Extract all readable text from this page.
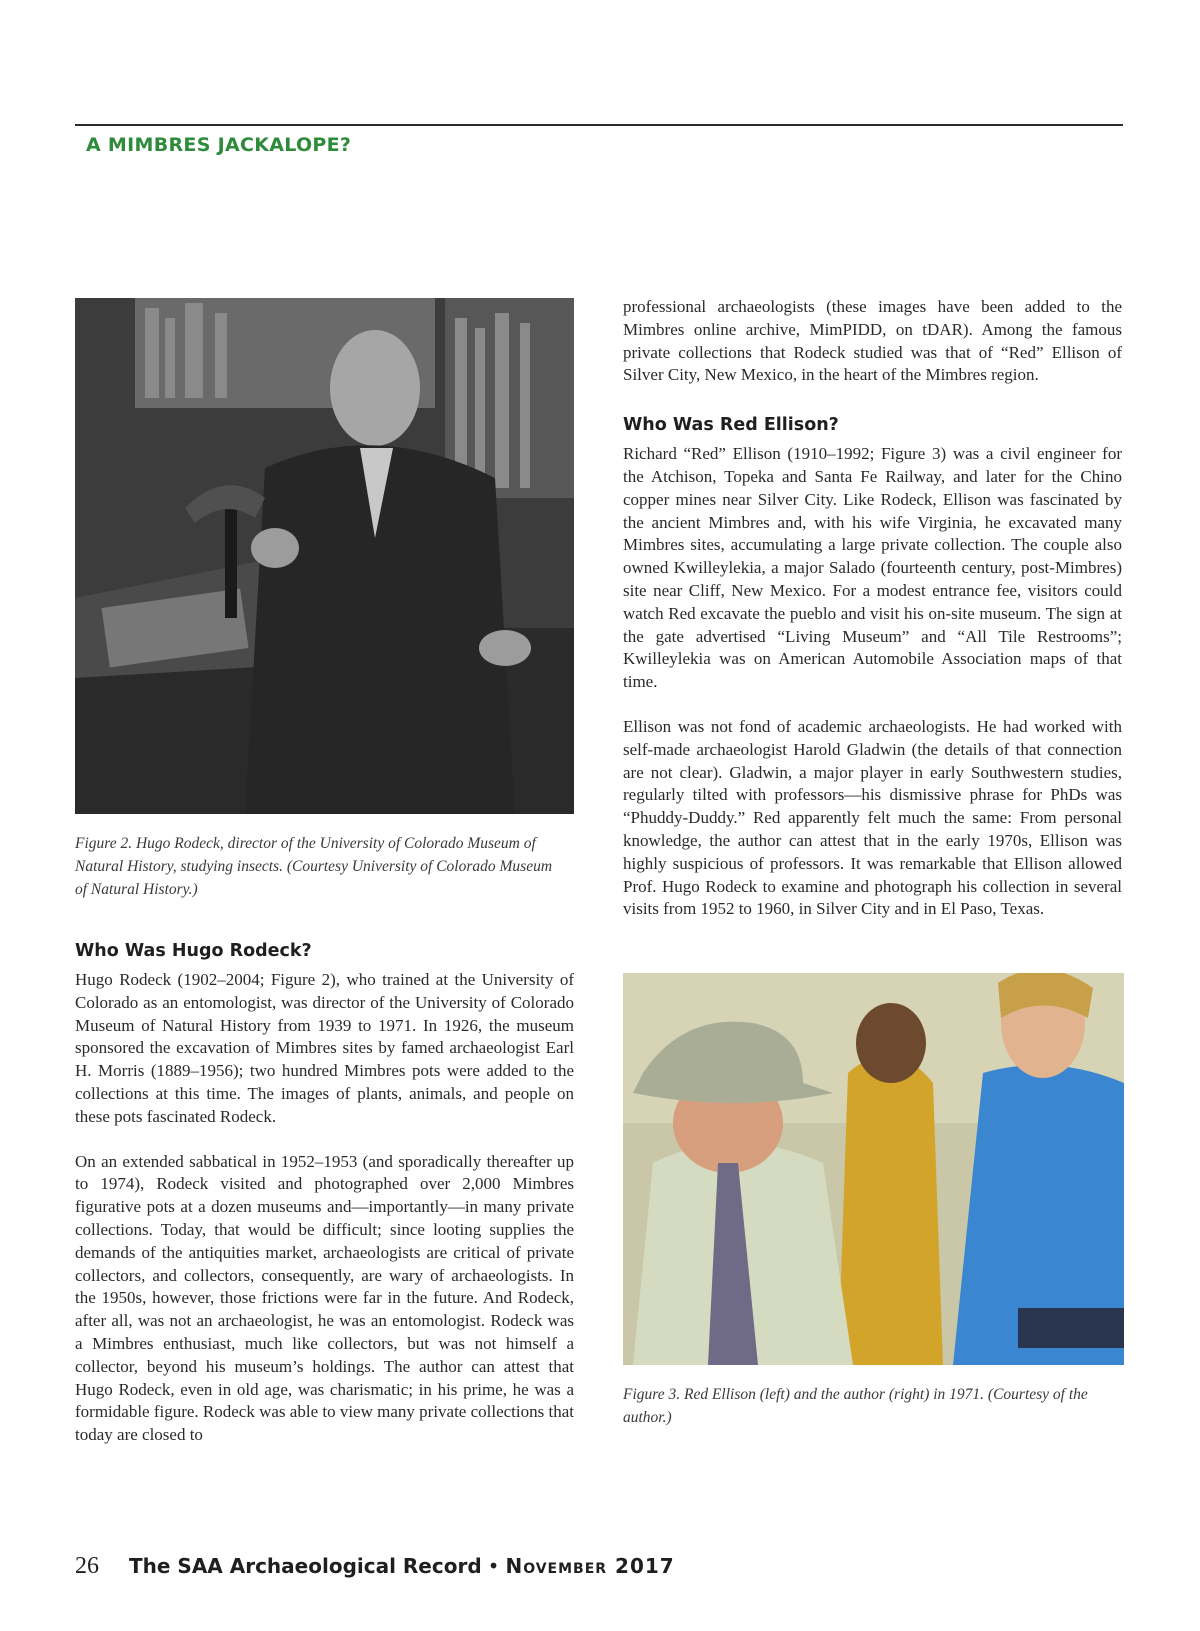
A MIMBRES JACKALOPE?

Figure 2. Hugo Rodeck, director of the University of Colorado Museum of Natural History, studying insects. (Courtesy University of Colorado Museum of Natural History.)

Who Was Hugo Rodeck?

Hugo Rodeck (1902–2004; Figure 2), who trained at the University of Colorado as an entomologist, was director of the University of Colorado Museum of Natural History from 1939 to 1971. In 1926, the museum sponsored the excavation of Mimbres sites by famed archaeologist Earl H. Morris (1889–1956); two hundred Mimbres pots were added to the collections at this time. The images of plants, animals, and people on these pots fascinated Rodeck.

On an extended sabbatical in 1952–1953 (and sporadically thereafter up to 1974), Rodeck visited and photographed over 2,000 Mimbres figurative pots at a dozen museums and—importantly—in many private collections. Today, that would be difficult; since looting supplies the demands of the antiquities market, archaeologists are critical of private collectors, and collectors, consequently, are wary of archaeologists. In the 1950s, however, those frictions were far in the future. And Rodeck, after all, was not an archaeologist, he was an entomologist. Rodeck was a Mimbres enthusiast, much like collectors, but was not himself a collector, beyond his museum’s holdings. The author can attest that Hugo Rodeck, even in old age, was charismatic; in his prime, he was a formidable figure. Rodeck was able to view many private collections that today are closed to

professional archaeologists (these images have been added to the Mimbres online archive, MimPIDD, on tDAR). Among the famous private collections that Rodeck studied was that of “Red” Ellison of Silver City, New Mexico, in the heart of the Mimbres region.

Who Was Red Ellison?

Richard “Red” Ellison (1910–1992; Figure 3) was a civil engineer for the Atchison, Topeka and Santa Fe Railway, and later for the Chino copper mines near Silver City. Like Rodeck, Ellison was fascinated by the ancient Mimbres and, with his wife Virginia, he excavated many Mimbres sites, accumulating a large private collection. The couple also owned Kwilleylekia, a major Salado (fourteenth century, post-Mimbres) site near Cliff, New Mexico. For a modest entrance fee, visitors could watch Red excavate the pueblo and visit his on-site museum. The sign at the gate advertised “Living Museum” and “All Tile Restrooms”; Kwilleylekia was on American Automobile Association maps of that time.

Ellison was not fond of academic archaeologists. He had worked with self-made archaeologist Harold Gladwin (the details of that connection are not clear). Gladwin, a major player in early Southwestern studies, regularly tilted with professors—his dismissive phrase for PhDs was “Phuddy-Duddy.” Red apparently felt much the same: From personal knowledge, the author can attest that in the early 1970s, Ellison was highly suspicious of professors. It was remarkable that Ellison allowed Prof. Hugo Rodeck to examine and photograph his collection in several visits from 1952 to 1960, in Silver City and in El Paso, Texas.

Figure 3. Red Ellison (left) and the author (right) in 1971. (Courtesy of the author.)

26 The SAA Archaeological Record • November 2017
